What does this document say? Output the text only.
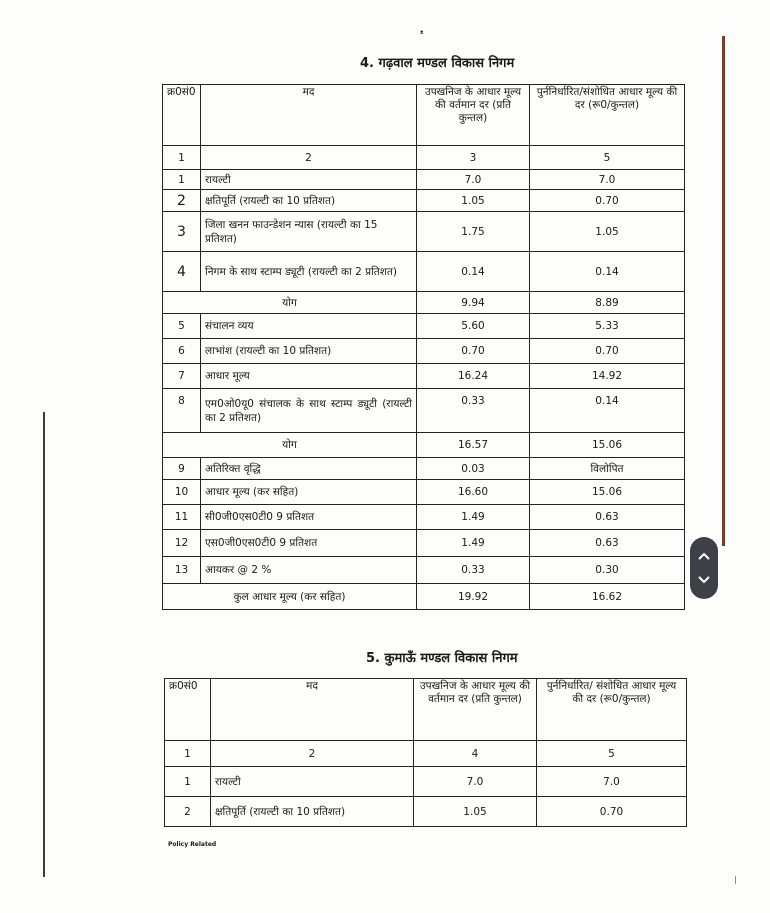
ᵜ
4. गढ़वाल मण्डल विकास निगम
क्र0सं0	मद	उपखनिज के आधार मूल्य की वर्तमान दर (प्रति कुन्तल)	पुर्ननिर्धारित/संशोधित आधार मूल्य की दर (रू0/कुन्तल)
1	2	3	5
1	रायल्टी	7.0	7.0
2	क्षतिपूर्ति (रायल्टी का 10 प्रतिशत)	1.05	0.70
3	जिला खनन फाउन्डेशन न्यास (रायल्टी का 15 प्रतिशत)	1.75	1.05
4	निगम के साथ स्टाम्प ड्यूटी (रायल्टी का 2 प्रतिशत)	0.14	0.14
योग		9.94	8.89
5	संचालन व्यय	5.60	5.33
6	लाभांश (रायल्टी का 10 प्रतिशत)	0.70	0.70
7	आधार मूल्य	16.24	14.92
8	एम0ओ0यू0 संचालक के साथ स्टाम्प ड्यूटी (रायल्टी का 2 प्रतिशत)	0.33	0.14
योग		16.57	15.06
9	अतिरिक्त वृद्धि	0.03	विलोपित
10	आधार मूल्य (कर सहित)	16.60	15.06
11	सी0जी0एस0टी0 9 प्रतिशत	1.49	0.63
12	एस0जी0एस0टी0 9 प्रतिशत	1.49	0.63
13	आयकर @ 2 %	0.33	0.30
कुल आधार मूल्य (कर सहित)		19.92	16.62
5. कुमाऊँ मण्डल विकास निगम
क्र0सं0	मद	उपखनिज के आधार मूल्य की वर्तमान दर (प्रति कुन्तल)	पुर्ननिर्धारित/ संशोधित आधार मूल्य की दर (रू0/कुन्तल)
1	2	4	5
1	रायल्टी	7.0	7.0
2	क्षतिपूर्ति (रायल्टी का 10 प्रतिशत)	1.05	0.70
Policy Related
